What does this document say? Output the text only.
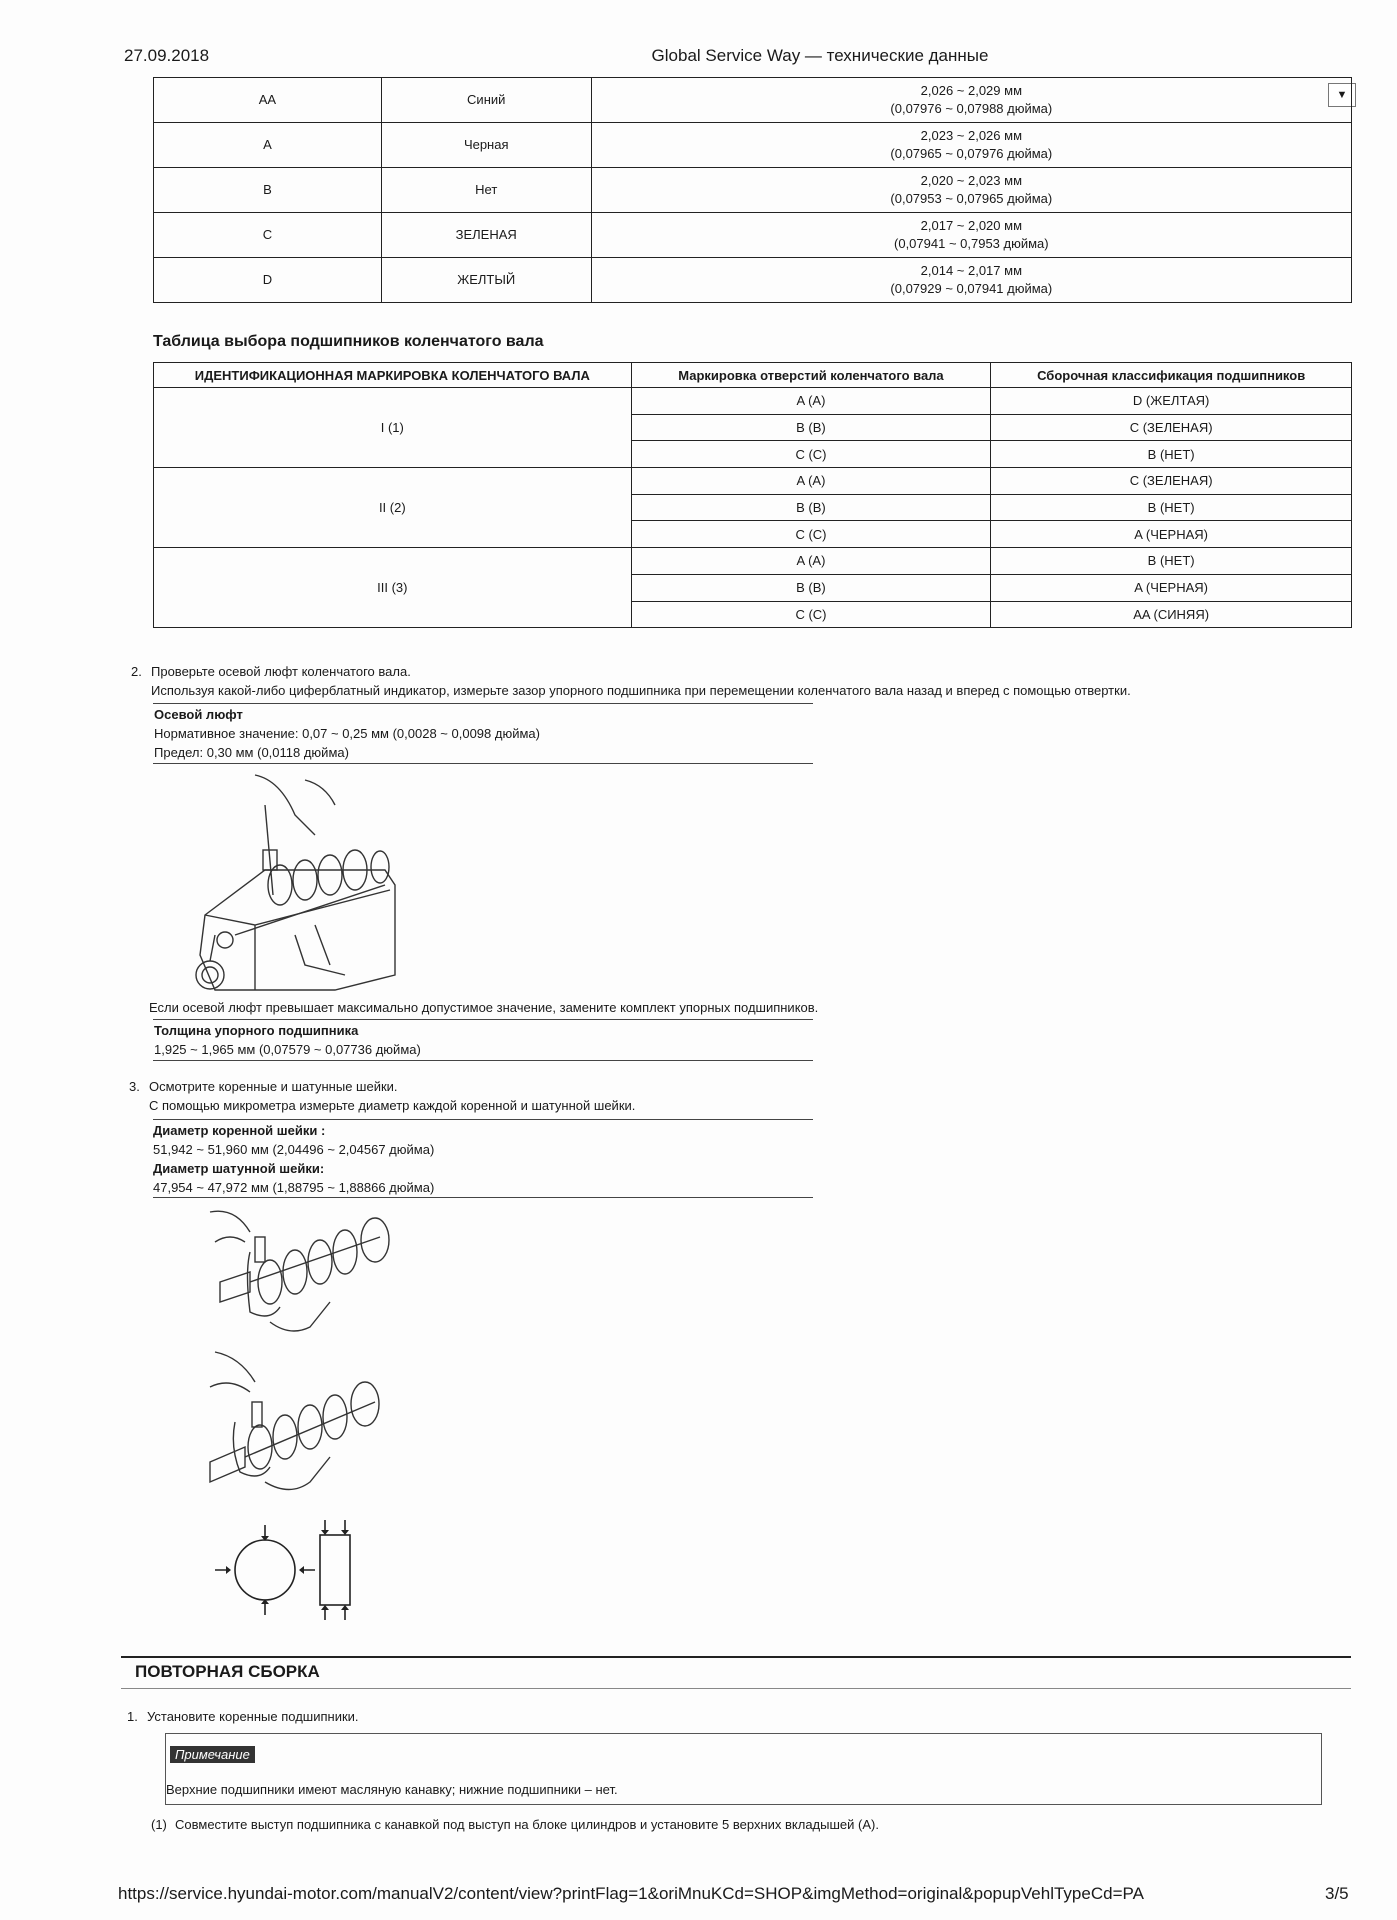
27.09.2018	Global Service Way — технические данные
▼
AA	Синий	2,026 ~ 2,029 мм
(0,07976 ~ 0,07988 дюйма)

A	Черная	2,023 ~ 2,026 мм
(0,07965 ~ 0,07976 дюйма)

B	Нет	2,020 ~ 2,023 мм
(0,07953 ~ 0,07965 дюйма)

C	ЗЕЛЕНАЯ	2,017 ~ 2,020 мм
(0,07941 ~ 0,7953 дюйма)

D	ЖЕЛТЫЙ	2,014 ~ 2,017 мм
(0,07929 ~ 0,07941 дюйма)
Таблица выбора подшипников коленчатого вала
ИДЕНТИФИКАЦИОННАЯ МАРКИРОВКА КОЛЕНЧАТОГО ВАЛА	Маркировка отверстий коленчатого вала	Сборочная классификация подшипников
I (1)	A (A)	D (ЖЕЛТАЯ)
	B (B)	C (ЗЕЛЕНАЯ)
	C (C)	B (НЕТ)
II (2)	A (A)	C (ЗЕЛЕНАЯ)
	B (B)	B (НЕТ)
	C (C)	A (ЧЕРНАЯ)
III (3)	A (A)	B (НЕТ)
	B (B)	A (ЧЕРНАЯ)
	C (C)	AA (СИНЯЯ)
2. Проверьте осевой люфт коленчатого вала.
Используя какой-либо циферблатный индикатор, измерьте зазор упорного подшипника при перемещении коленчатого вала назад и вперед с помощью отвертки.
Осевой люфт
Нормативное значение: 0,07 ~ 0,25 мм (0,0028 ~ 0,0098 дюйма)
Предел: 0,30 мм (0,0118 дюйма)
Если осевой люфт превышает максимально допустимое значение, замените комплект упорных подшипников.
Толщина упорного подшипника
1,925 ~ 1,965 мм (0,07579 ~ 0,07736 дюйма)
3. Осмотрите коренные и шатунные шейки.
С помощью микрометра измерьте диаметр каждой коренной и шатунной шейки.
Диаметр коренной шейки :
51,942 ~ 51,960 мм (2,04496 ~ 2,04567 дюйма)
Диаметр шатунной шейки:
47,954 ~ 47,972 мм (1,88795 ~ 1,88866 дюйма)
ПОВТОРНАЯ СБОРКА
1. Установите коренные подшипники.
Примечание
Верхние подшипники имеют масляную канавку; нижние подшипники – нет.
(1) Совместите выступ подшипника с канавкой под выступ на блоке цилиндров и установите 5 верхних вкладышей (A).
https://service.hyundai-motor.com/manualV2/content/view?printFlag=1&oriMnuKCd=SHOP&imgMethod=original&popupVehlTypeCd=PA	3/5
